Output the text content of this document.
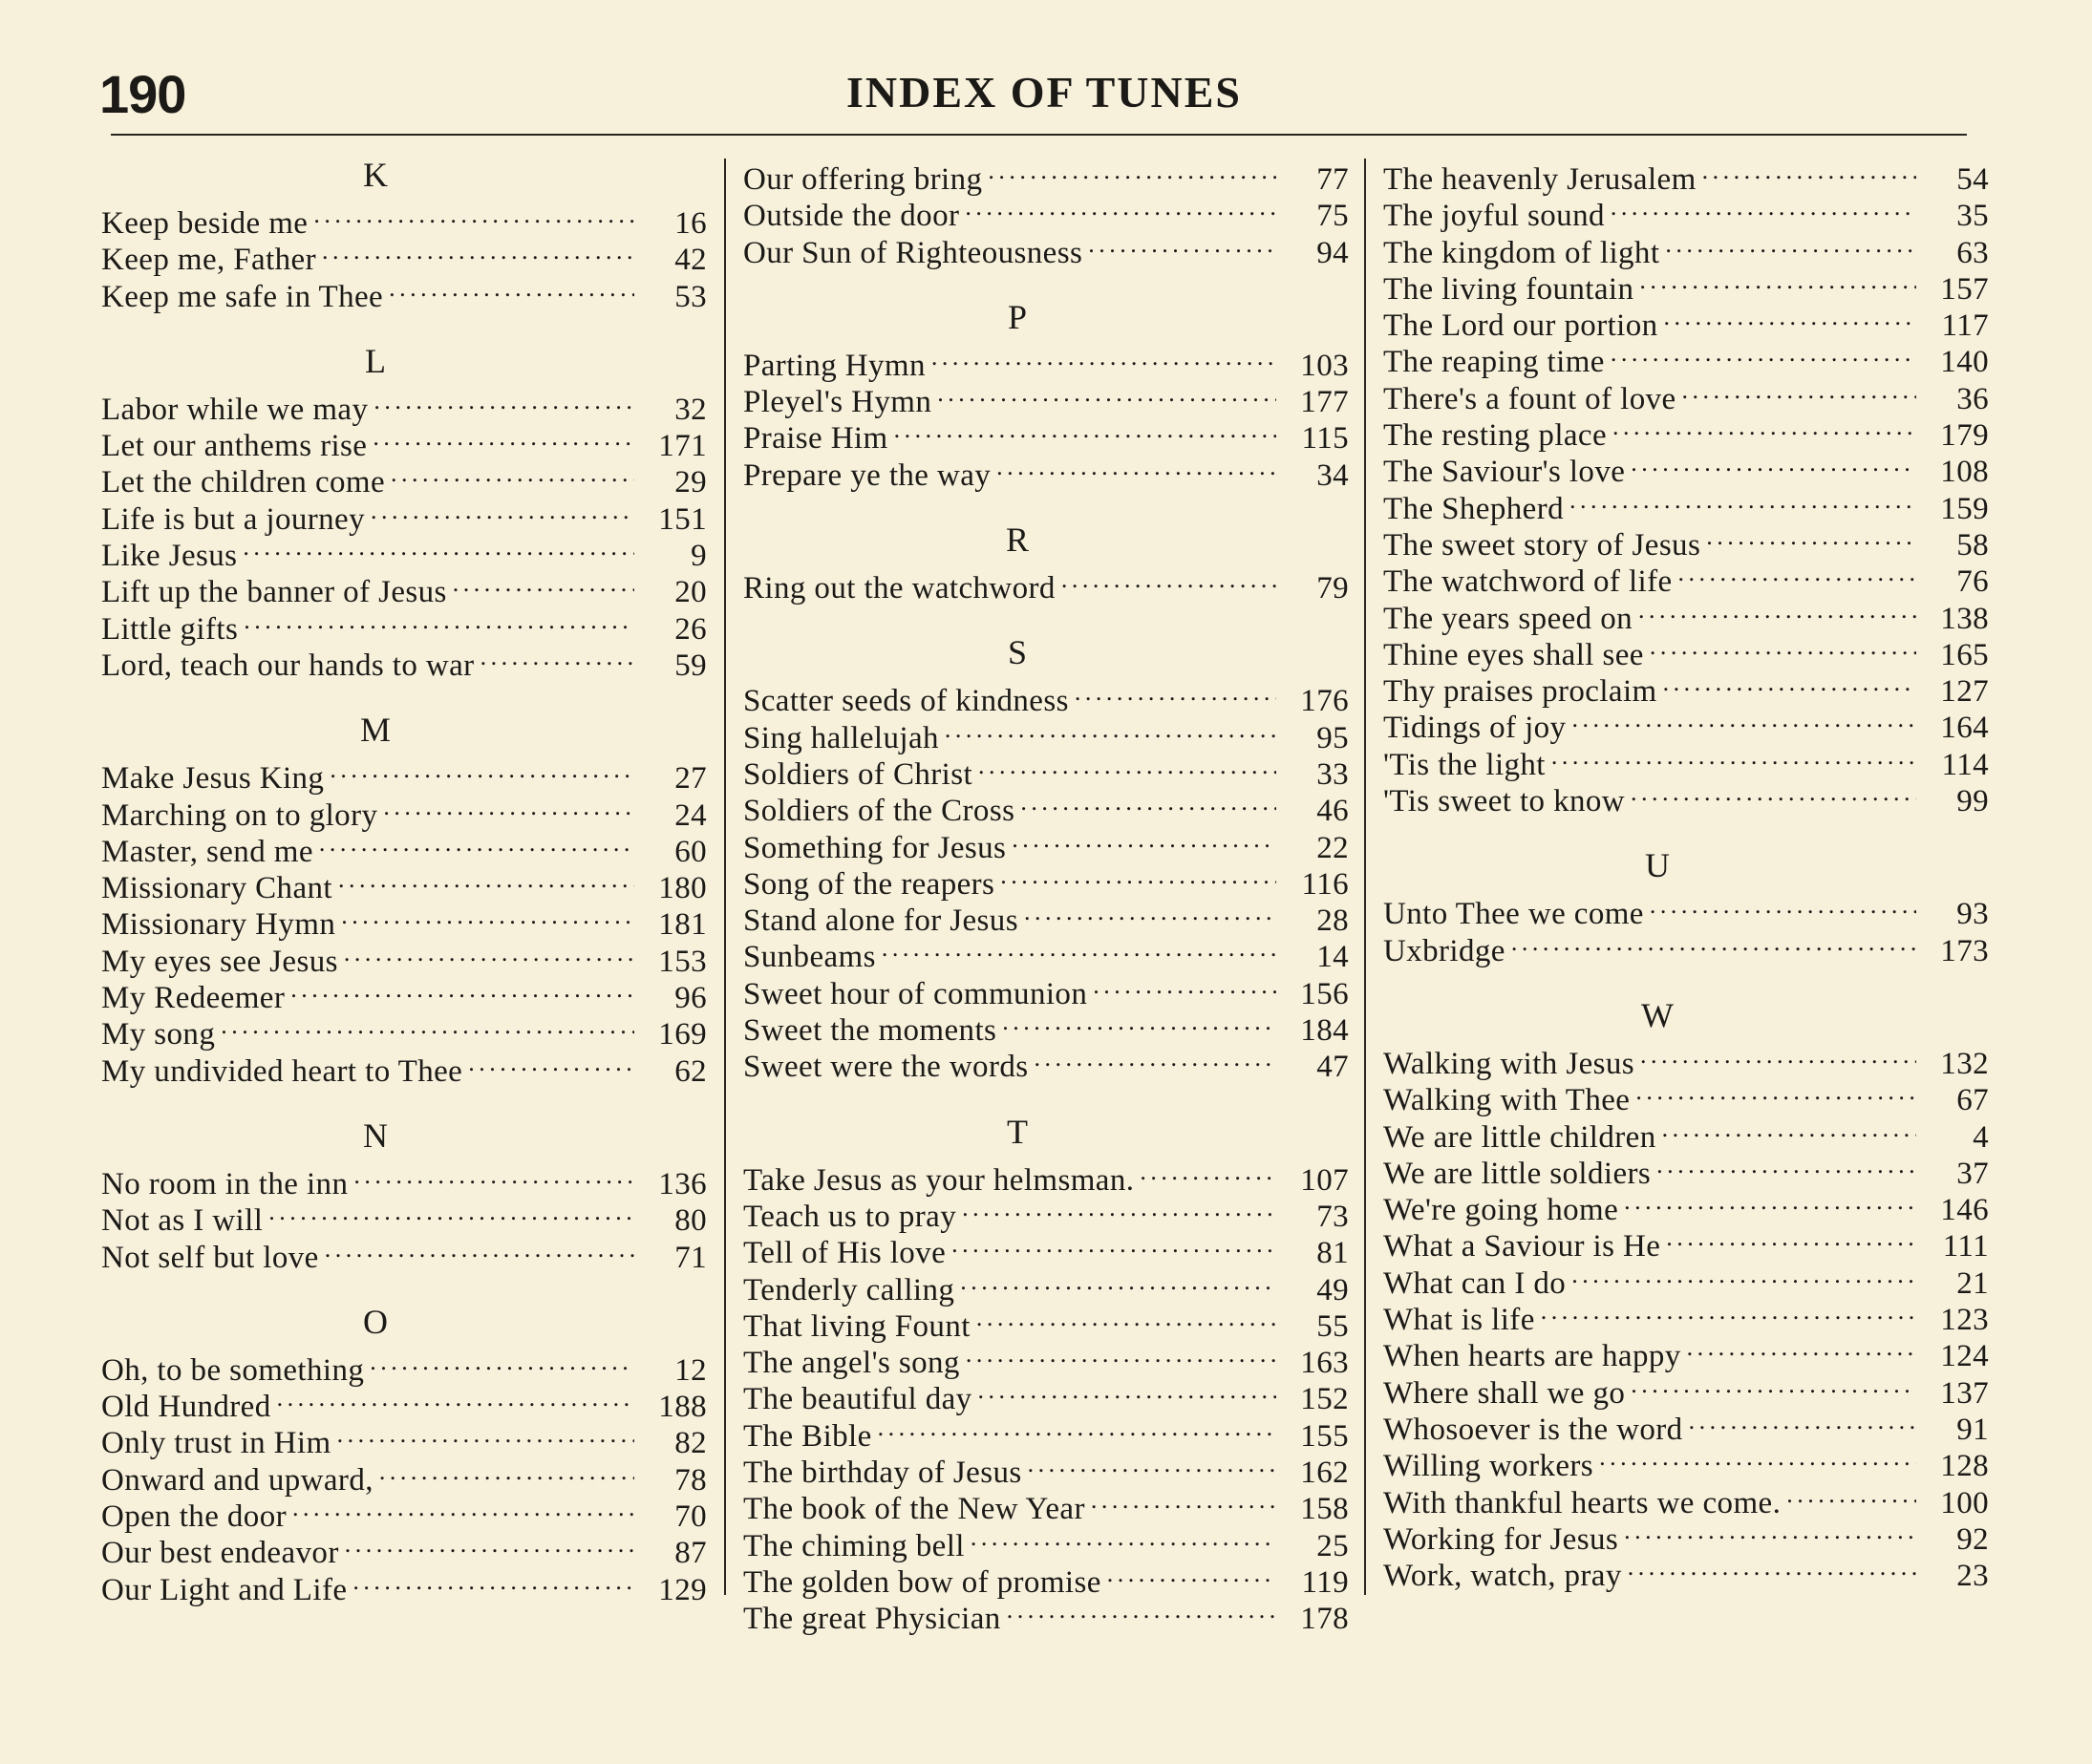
190	INDEX OF TUNES
K
Keep beside me . . .	16
Keep me, Father . . .	42
Keep me safe in Thee . . .	53
L
Labor while we may . . .	32
Let our anthems rise . . .	171
Let the children come . . .	29
Life is but a journey . . .	151
Like Jesus . . .	9
Lift up the banner of Jesus . . .	20
Little gifts . . .	26
Lord, teach our hands to war . . .	59
M
Make Jesus King . . .	27
Marching on to glory . . .	24
Master, send me . . .	60
Missionary Chant . . .	180
Missionary Hymn . . .	181
My eyes see Jesus . . .	153
My Redeemer . . .	96
My song . . .	169
My undivided heart to Thee . . .	62
N
No room in the inn . . .	136
Not as I will . . .	80
Not self but love . . .	71
O
Oh, to be something . . .	12
Old Hundred . . .	188
Only trust in Him . . .	82
Onward and upward, . . .	78
Open the door . . .	70
Our best endeavor . . .	87
Our Light and Life . . .	129
Our offering bring . . .	77
Outside the door . . .	75
Our Sun of Righteousness . . .	94
P
Parting Hymn . . .	103
Pleyel's Hymn . . .	177
Praise Him . . .	115
Prepare ye the way . . .	34
R
Ring out the watchword . . .	79
S
Scatter seeds of kindness . . .	176
Sing hallelujah . . .	95
Soldiers of Christ . . .	33
Soldiers of the Cross . . .	46
Something for Jesus . . .	22
Song of the reapers . . .	116
Stand alone for Jesus . . .	28
Sunbeams . . .	14
Sweet hour of communion . . .	156
Sweet the moments . . .	184
Sweet were the words . . .	47
T
Take Jesus as your helmsman. . . .	107
Teach us to pray . . .	73
Tell of His love . . .	81
Tenderly calling . . .	49
That living Fount . . .	55
The angel's song . . .	163
The beautiful day . . .	152
The Bible . . .	155
The birthday of Jesus . . .	162
The book of the New Year . . .	158
The chiming bell . . .	25
The golden bow of promise . . .	119
The great Physician . . .	178
The heavenly Jerusalem . . .	54
The joyful sound . . .	35
The kingdom of light . . .	63
The living fountain . . .	157
The Lord our portion . . .	117
The reaping time . . .	140
There's a fount of love . . .	36
The resting place . . .	179
The Saviour's love . . .	108
The Shepherd . . .	159
The sweet story of Jesus . . .	58
The watchword of life . . .	76
The years speed on . . .	138
Thine eyes shall see . . .	165
Thy praises proclaim . . .	127
Tidings of joy . . .	164
'Tis the light . . .	114
'Tis sweet to know . . .	99
U
Unto Thee we come . . .	93
Uxbridge . . .	173
W
Walking with Jesus . . .	132
Walking with Thee . . .	67
We are little children . . .	4
We are little soldiers . . .	37
We're going home . . .	146
What a Saviour is He . . .	111
What can I do . . .	21
What is life . . .	123
When hearts are happy . . .	124
Where shall we go . . .	137
Whosoever is the word . . .	91
Willing workers . . .	128
With thankful hearts we come. . . .	100
Working for Jesus . . .	92
Work, watch, pray . . .	23
